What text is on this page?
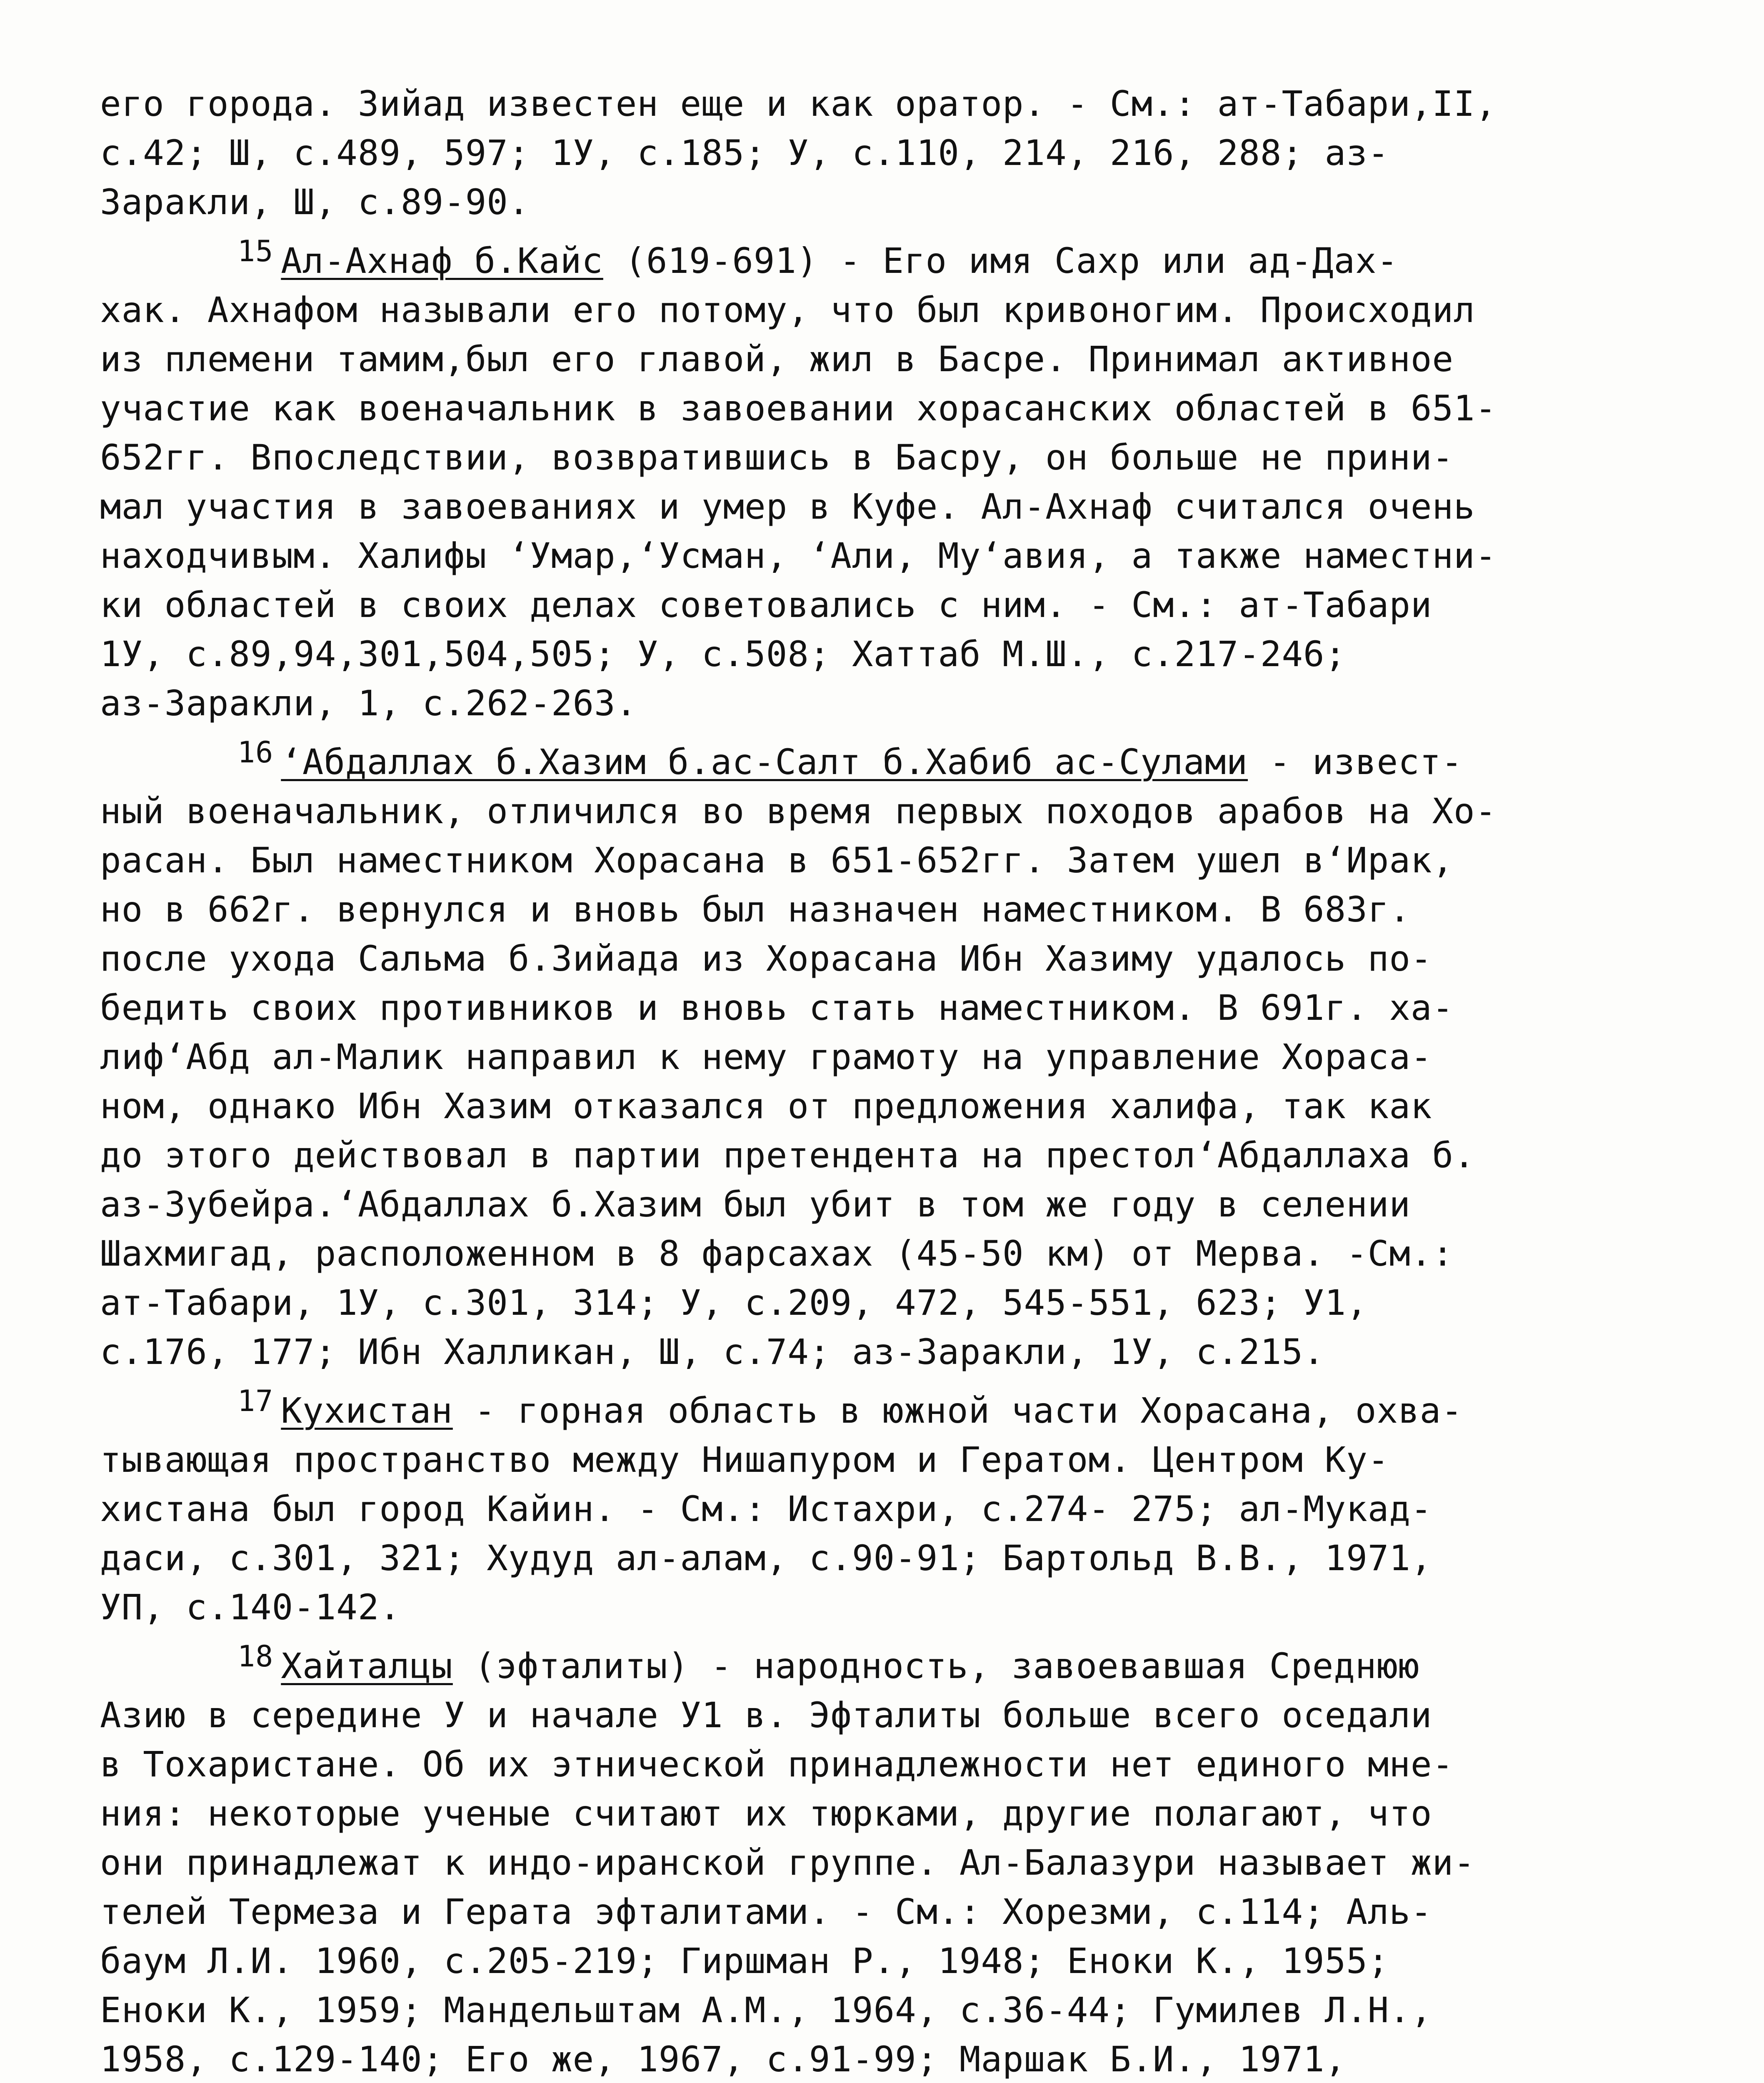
его города. Зийад известен еще и как оратор. - См.: ат-Табари,II,
с.42; Ш, с.489, 597; 1У, с.185; У, с.110, 214, 216, 288; аз-
Заракли, Ш, с.89-90.
15 Ал-Ахнаф б.Кайс (619-691) - Его имя Сахр или ад-Дах-
хак. Ахнафом называли его потому, что был кривоногим. Происходил
из племени тамим,был его главой, жил в Басре. Принимал активное
участие как военачальник в завоевании хорасанских областей в 651-
652гг. Впоследствии, возвратившись в Басру, он больше не прини-
мал участия в завоеваниях и умер в Куфе. Ал-Ахнаф считался очень
находчивым. Халифы ʻУмар,ʻУсман, ʻАли, Муʻавия, а также наместни-
ки областей в своих делах советовались с ним. - См.: ат-Табари
1У, с.89,94,301,504,505; У, с.508; Хаттаб М.Ш., с.217-246;
аз-Заракли, 1, с.262-263.
16 ʻАбдаллах б.Хазим б.ас-Салт б.Хабиб ас-Сулами - извест-
ный военачальник, отличился во время первых походов арабов на Хо-
расан. Был наместником Хорасана в 651-652гг. Затем ушел вʻИрак,
но в 662г. вернулся и вновь был назначен наместником. В 683г.
после ухода Сальма б.Зийада из Хорасана Ибн Хазиму удалось по-
бедить своих противников и вновь стать наместником. В 691г. ха-
лифʻАбд ал-Малик направил к нему грамоту на управление Хораса-
ном, однако Ибн Хазим отказался от предложения халифа, так как
до этого действовал в партии претендента на престолʻАбдаллаха б.
аз-Зубейра.ʻАбдаллах б.Хазим был убит в том же году в селении
Шахмигад, расположенном в 8 фарсахах (45-50 км) от Мерва. -См.:
ат-Табари, 1У, с.301, 314; У, с.209, 472, 545-551, 623; У1,
с.176, 177; Ибн Халликан, Ш, с.74; аз-Заракли, 1У, с.215.
17 Кухистан - горная область в южной части Хорасана, охва-
тывающая пространство между Нишапуром и Гератом. Центром Ку-
хистана был город Кайин. - См.: Истахри, с.274- 275; ал-Мукад-
даси, с.301, 321; Худуд ал-алам, с.90-91; Бартольд В.В., 1971,
УП, с.140-142.
18 Хайталцы (эфталиты) - народность, завоевавшая Среднюю
Азию в середине У и начале У1 в. Эфталиты больше всего оседали
в Тохаристане. Об их этнической принадлежности нет единого мне-
ния: некоторые ученые считают их тюрками, другие полагают, что
они принадлежат к индо-иранской группе. Ал-Балазури называет жи-
телей Термеза и Герата эфталитами. - См.: Хорезми, с.114; Аль-
баум Л.И. 1960, с.205-219; Гиршман Р., 1948; Еноки К., 1955;
Еноки К., 1959; Мандельштам А.М., 1964, с.36-44; Гумилев Л.Н.,
1958, с.129-140; Его же, 1967, с.91-99; Маршак Б.И., 1971,
